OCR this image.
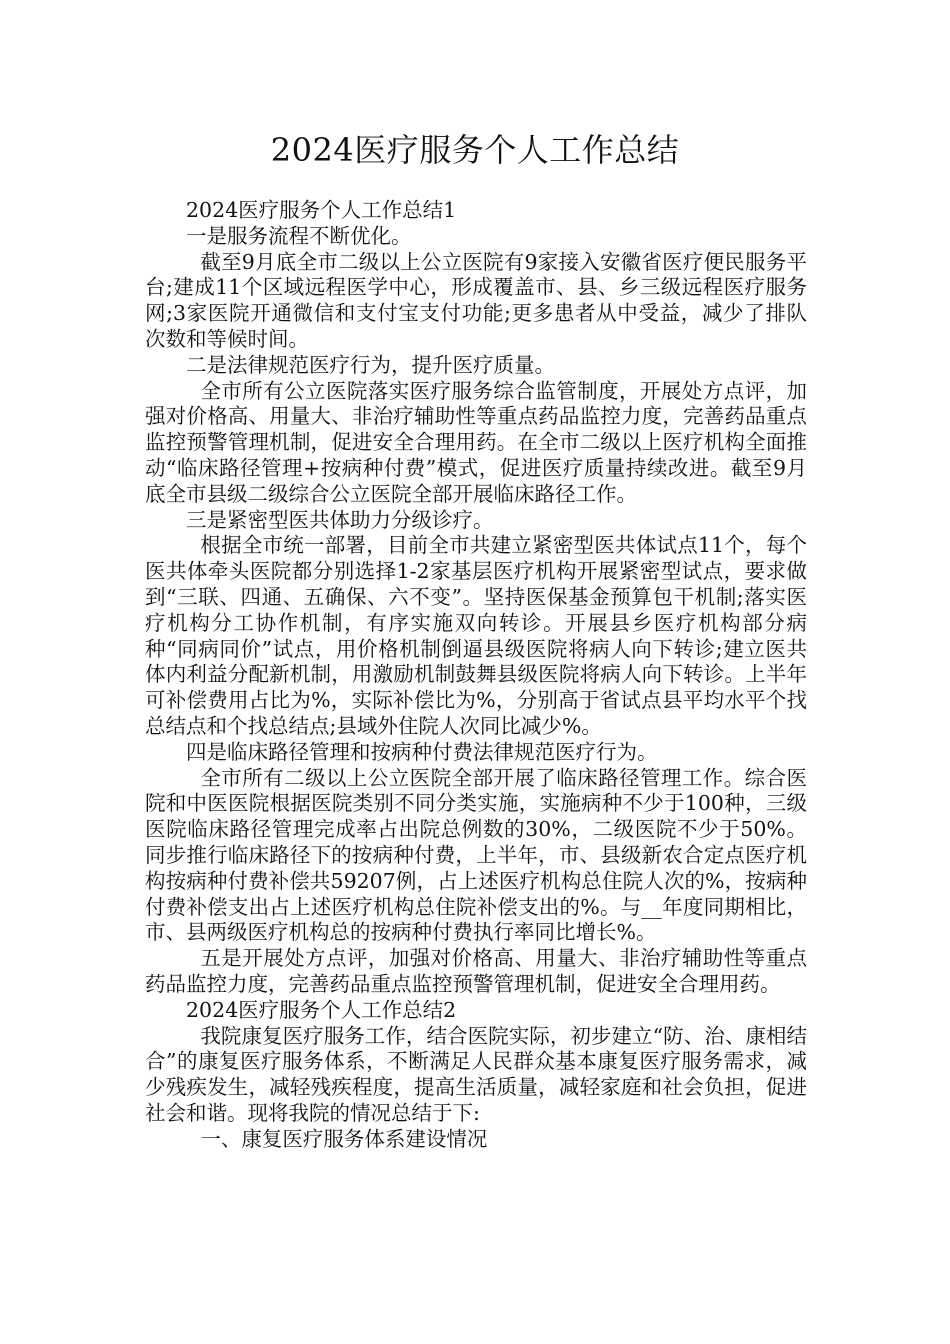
2024医疗服务个人工作总结

2024医疗服务个人工作总结1

一是服务流程不断优化。

截至9月底全市二级以上公立医院有9家接入安徽省医疗便民服务平台;建成11个区域远程医学中心，形成覆盖市、县、乡三级远程医疗服务网;3家医院开通微信和支付宝支付功能;更多患者从中受益，减少了排队次数和等候时间。

二是法律规范医疗行为，提升医疗质量。

全市所有公立医院落实医疗服务综合监管制度，开展处方点评，加强对价格高、用量大、非治疗辅助性等重点药品监控力度，完善药品重点监控预警管理机制，促进安全合理用药。在全市二级以上医疗机构全面推动“临床路径管理+按病种付费”模式，促进医疗质量持续改进。截至9月底全市县级二级综合公立医院全部开展临床路径工作。

三是紧密型医共体助力分级诊疗。

根据全市统一部署，目前全市共建立紧密型医共体试点11个，每个医共体牵头医院都分别选择1-2家基层医疗机构开展紧密型试点，要求做到“三联、四通、五确保、六不变”。坚持医保基金预算包干机制;落实医疗机构分工协作机制，有序实施双向转诊。开展县乡医疗机构部分病种“同病同价”试点，用价格机制倒逼县级医院将病人向下转诊;建立医共体内利益分配新机制，用激励机制鼓舞县级医院将病人向下转诊。上半年可补偿费用占比为%，实际补偿比为%，分别高于省试点县平均水平个找总结点和个找总结点;县域外住院人次同比减少%。

四是临床路径管理和按病种付费法律规范医疗行为。

全市所有二级以上公立医院全部开展了临床路径管理工作。综合医院和中医医院根据医院类别不同分类实施，实施病种不少于100种，三级医院临床路径管理完成率占出院总例数的30%，二级医院不少于50%。同步推行临床路径下的按病种付费，上半年，市、县级新农合定点医疗机构按病种付费补偿共59207例，占上述医疗机构总住院人次的%，按病种付费补偿支出占上述医疗机构总住院补偿支出的%。与__年度同期相比，市、县两级医疗机构总的按病种付费执行率同比增长%。

五是开展处方点评，加强对价格高、用量大、非治疗辅助性等重点药品监控力度，完善药品重点监控预警管理机制，促进安全合理用药。

2024医疗服务个人工作总结2

我院康复医疗服务工作，结合医院实际，初步建立“防、治、康相结合”的康复医疗服务体系，不断满足人民群众基本康复医疗服务需求，减少残疾发生，减轻残疾程度，提高生活质量，减轻家庭和社会负担，促进社会和谐。现将我院的情况总结于下:

一、康复医疗服务体系建设情况
